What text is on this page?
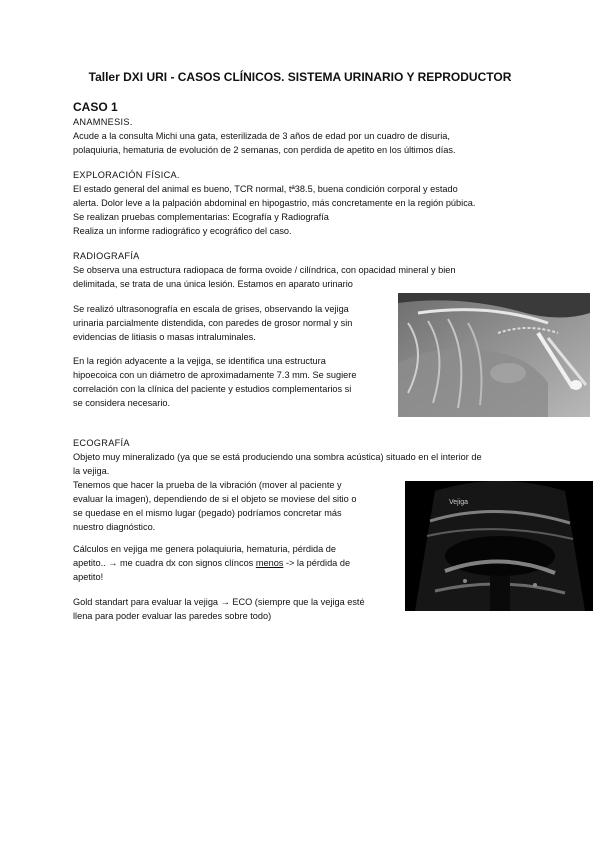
Taller DXI URI - CASOS CLÍNICOS. SISTEMA URINARIO Y REPRODUCTOR
CASO 1

ANAMNESIS.

Acude a la consulta Michi una gata, esterilizada de 3 años de edad por un cuadro de disuria,

polaquiuria, hematuria de evolución de 2 semanas, con perdida de apetito en los últimos días.

EXPLORACIÓN FÍSICA.

El estado general del animal es bueno, TCR normal, tª38.5, buena condición corporal y estado

alerta. Dolor leve a la palpación abdominal en hipogastrio, más concretamente en la región púbica.

Se realizan pruebas complementarias: Ecografía y Radiografía

Realiza un informe radiográfico y ecográfico del caso.

RADIOGRAFÍA

Se observa una estructura radiopaca de forma ovoide / cilíndrica, con opacidad mineral y bien

delimitada, se trata de una única lesión. Estamos en aparato urinario

Se realizó ultrasonografía en escala de grises, observando la vejiga

urinaria parcialmente distendida, con paredes de grosor normal y sin

evidencias de litiasis o masas intraluminales.

En la región adyacente a la vejiga, se identifica una estructura

hipoecoica con un diámetro de aproximadamente 7.3 mm. Se sugiere

correlación con la clínica del paciente y estudios complementarios si

se considera necesario.

ECOGRAFÍA

Objeto muy mineralizado (ya que se está produciendo una sombra acústica) situado en el interior de

la vejiga.

Tenemos que hacer la prueba de la vibración (mover al paciente y

evaluar la imagen), dependiendo de si el objeto se moviese del sitio o

se quedase en el mismo lugar (pegado) podríamos concretar más

nuestro diagnóstico.

Cálculos en vejiga me genera polaquiuria, hematuria, pérdida de

apetito.. → me cuadra dx con signos clíncos menos -> la pérdida de

apetito!

Gold standart para evaluar la vejiga → ECO (siempre que la vejiga esté

llena para poder evaluar las paredes sobre todo)

Vejiga
